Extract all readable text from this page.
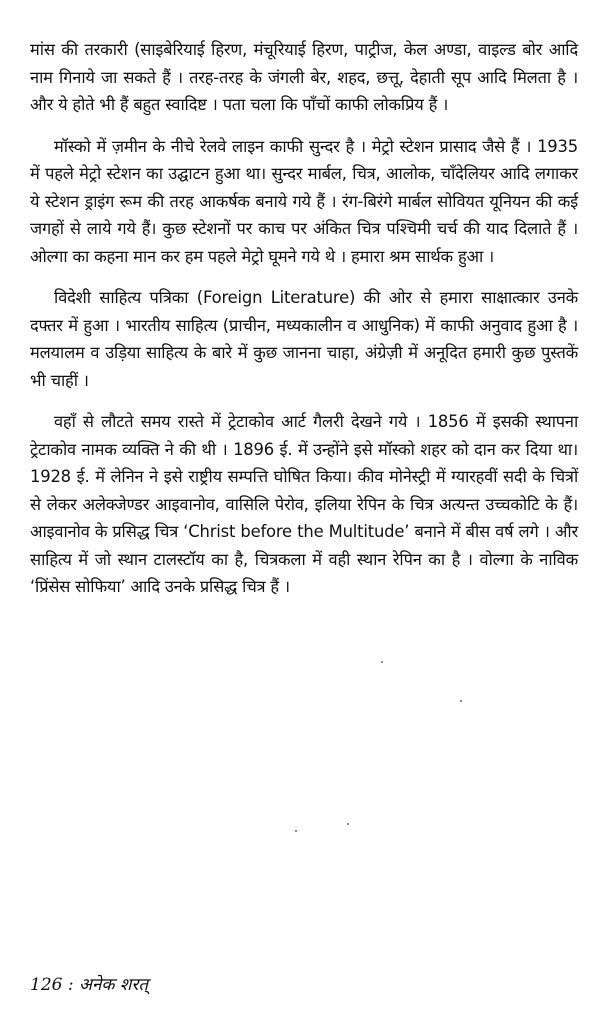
मांस की तरकारी (साइबेरियाई हिरण, मंचूरियाई हिरण, पाट्रीज, केल अण्डा, वाइल्ड बोर आदि नाम गिनाये जा सकते हैं । तरह-तरह के जंगली बेर, शहद, छत्तू, देहाती सूप आदि मिलता है । और ये होते भी हैं बहुत स्वादिष्ट । पता चला कि पाँचों काफी लोकप्रिय हैं ।

मॉस्को में ज़मीन के नीचे रेलवे लाइन काफी सुन्दर है । मेट्रो स्टेशन प्रासाद जैसे हैं । 1935 में पहले मेट्रो स्टेशन का उद्घाटन हुआ था। सुन्दर मार्बल, चित्र, आलोक, चाँदेलियर आदि लगाकर ये स्टेशन ड्राइंग रूम की तरह आकर्षक बनाये गये हैं । रंग-बिरंगे मार्बल सोवियत यूनियन की कई जगहों से लाये गये हैं। कुछ स्टेशनों पर काच पर अंकित चित्र पश्चिमी चर्च की याद दिलाते हैं । ओल्गा का कहना मान कर हम पहले मेट्रो घूमने गये थे । हमारा श्रम सार्थक हुआ ।

विदेशी साहित्य पत्रिका (Foreign Literature) की ओर से हमारा साक्षात्कार उनके दफ्तर में हुआ । भारतीय साहित्य (प्राचीन, मध्यकालीन व आधुनिक) में काफी अनुवाद हुआ है । मलयालम व उड़िया साहित्य के बारे में कुछ जानना चाहा, अंग्रेज़ी में अनूदित हमारी कुछ पुस्तकें भी चाहीं ।

वहाँ से लौटते समय रास्ते में ट्रेटाकोव आर्ट गैलरी देखने गये । 1856 में इसकी स्थापना ट्रेटाकोव नामक व्यक्ति ने की थी । 1896 ई. में उन्होंने इसे मॉस्को शहर को दान कर दिया था। 1928 ई. में लेनिन ने इसे राष्ट्रीय सम्पत्ति घोषित किया। कीव मोनेस्ट्री में ग्यारहवीं सदी के चित्रों से लेकर अलेक्जेण्डर आइवानोव, वासिलि पेरोव, इलिया रेपिन के चित्र अत्यन्त उच्चकोटि के हैं। आइवानोव के प्रसिद्ध चित्र ‘Christ before the Multitude’ बनाने में बीस वर्ष लगे । और साहित्य में जो स्थान टालस्टॉय का है, चित्रकला में वही स्थान रेपिन का है । वोल्गा के नाविक ‘प्रिंसेस सोफिया’ आदि उनके प्रसिद्ध चित्र हैं ।

126 : अनेक शरत्
